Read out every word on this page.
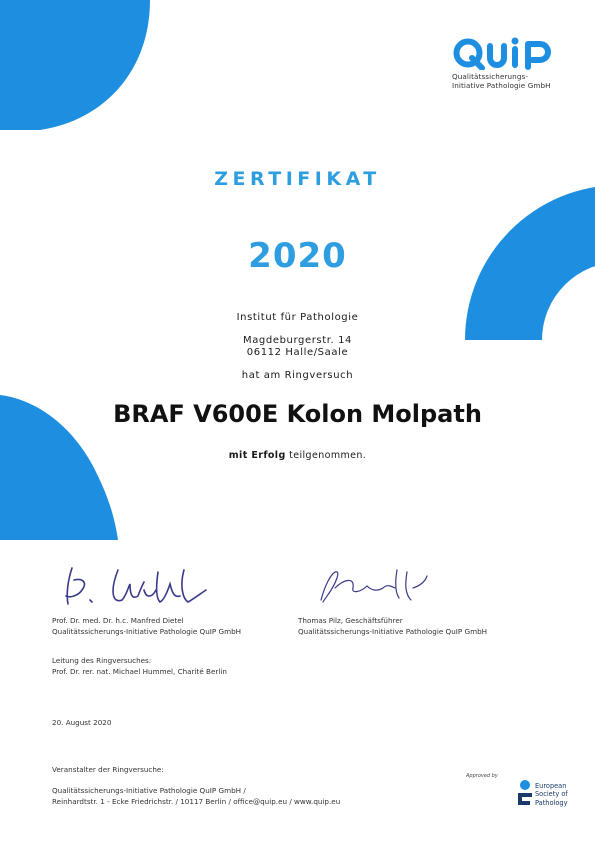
Qualitätssicherungs-
Initiative Pathologie GmbH
ZERTIFIKAT
2020
Institut für Pathologie
Magdeburgerstr. 14
06112 Halle/Saale
hat am Ringversuch
BRAF V600E Kolon Molpath
mit Erfolg teilgenommen.
Prof. Dr. med. Dr. h.c. Manfred Dietel
Qualitätssicherungs-Initiative Pathologie QuIP GmbH
Thomas Pilz, Geschäftsführer
Qualitätssicherungs-Initiative Pathologie QuIP GmbH
Leitung des Ringversuches:
Prof. Dr. rer. nat. Michael Hummel, Charité Berlin
20. August 2020
Veranstalter der Ringversuche:
Qualitätssicherungs-Initiative Pathologie QuIP GmbH /
Reinhardtstr. 1 - Ecke Friedrichstr. / 10117 Berlin / office@quip.eu / www.quip.eu
Approved by
European
Society of
Pathology
